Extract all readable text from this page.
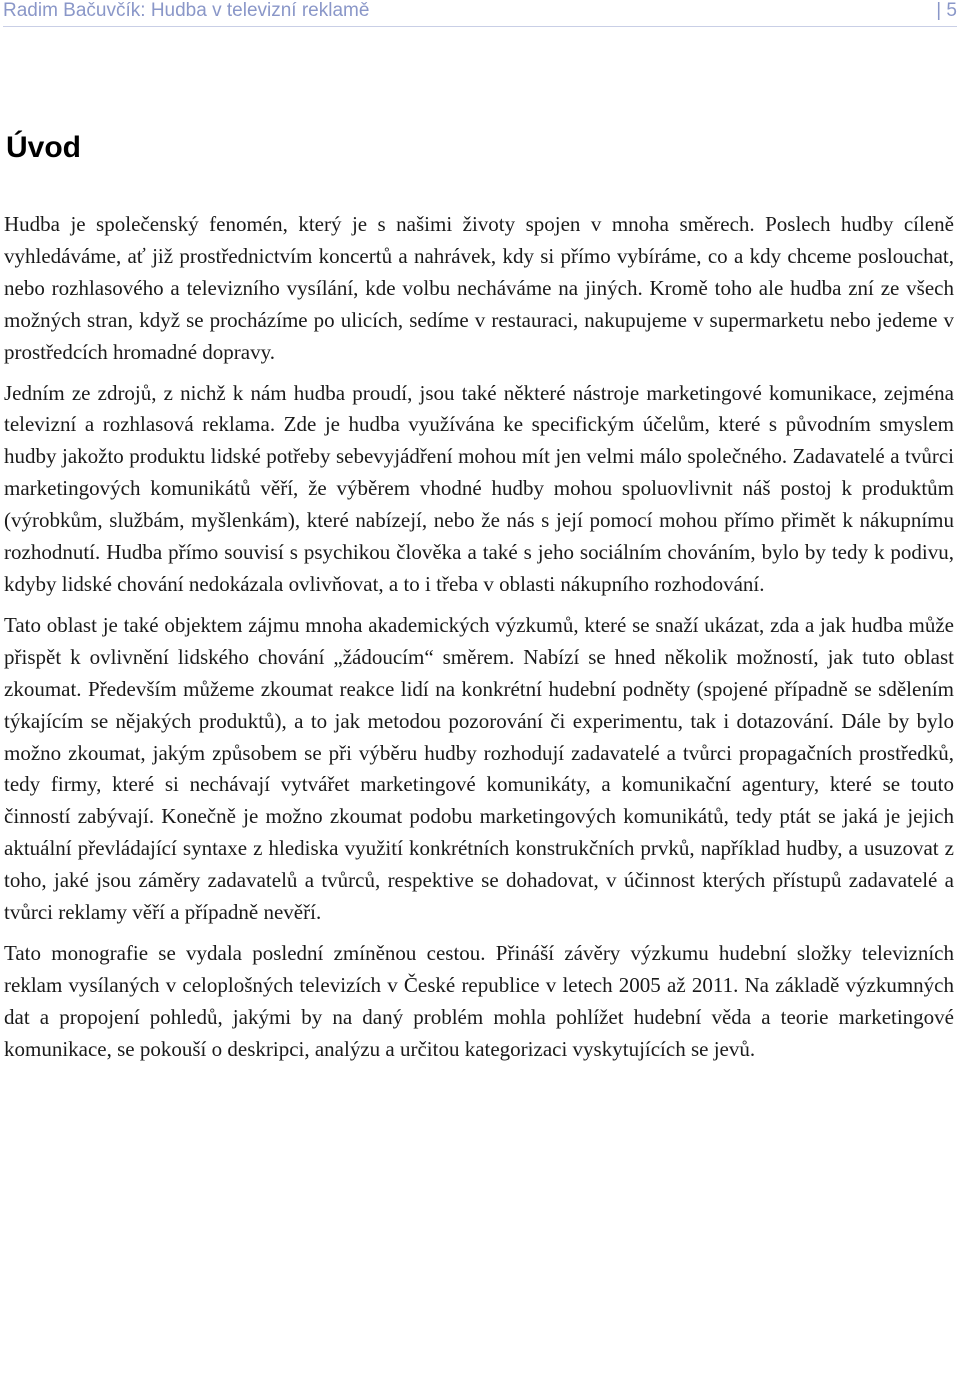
Radim Bačuvčík: Hudba v televizní reklamě	| 5
Úvod

Hudba je společenský fenomén, který je s našimi životy spojen v mnoha směrech. Poslech hudby cíleně vyhledáváme, ať již prostřednictvím koncertů a nahrávek, kdy si přímo vybíráme, co a kdy chceme poslouchat, nebo rozhlasového a televizního vysílání, kde volbu necháváme na jiných. Kromě toho ale hudba zní ze všech možných stran, když se procházíme po ulicích, sedíme v restauraci, nakupujeme v supermarketu nebo jedeme v prostředcích hromadné dopravy.

Jedním ze zdrojů, z nichž k nám hudba proudí, jsou také některé nástroje marketingové komunikace, zejména televizní a rozhlasová reklama. Zde je hudba využívána ke specifickým účelům, které s původním smyslem hudby jakožto produktu lidské potřeby sebevyjádření mohou mít jen velmi málo společného. Zadavatelé a tvůrci marketingových komunikátů věří, že výběrem vhodné hudby mohou spoluovlivnit náš postoj k produktům (výrobkům, službám, myšlenkám), které nabízejí, nebo že nás s její pomocí mohou přímo přimět k nákupnímu rozhodnutí. Hudba přímo souvisí s psychikou člověka a také s jeho sociálním chováním, bylo by tedy k podivu, kdyby lidské chování nedokázala ovlivňovat, a to i třeba v oblasti nákupního rozhodování.

Tato oblast je také objektem zájmu mnoha akademických výzkumů, které se snaží ukázat, zda a jak hudba může přispět k ovlivnění lidského chování „žádoucím“ směrem. Nabízí se hned několik možností, jak tuto oblast zkoumat. Především můžeme zkoumat reakce lidí na konkrétní hudební podněty (spojené případně se sdělením týkajícím se nějakých produktů), a to jak metodou pozorování či experimentu, tak i dotazování. Dále by bylo možno zkoumat, jakým způsobem se při výběru hudby rozhodují zadavatelé a tvůrci propagačních prostředků, tedy firmy, které si nechávají vytvářet marketingové komunikáty, a komunikační agentury, které se touto činností zabývají. Konečně je možno zkoumat podobu marketingových komunikátů, tedy ptát se jaká je jejich aktuální převládající syntaxe z hlediska využití konkrétních konstrukčních prvků, například hudby, a usuzovat z toho, jaké jsou záměry zadavatelů a tvůrců, respektive se dohadovat, v účinnost kterých přístupů zadavatelé a tvůrci reklamy věří a případně nevěří.

Tato monografie se vydala poslední zmíněnou cestou. Přináší závěry výzkumu hudební složky televizních reklam vysílaných v celoplošných televizích v České republice v letech 2005 až 2011. Na základě výzkumných dat a propojení pohledů, jakými by na daný problém mohla pohlížet hudební věda a teorie marketingové komunikace, se pokouší o deskripci, analýzu a určitou kategorizaci vyskytujících se jevů.
